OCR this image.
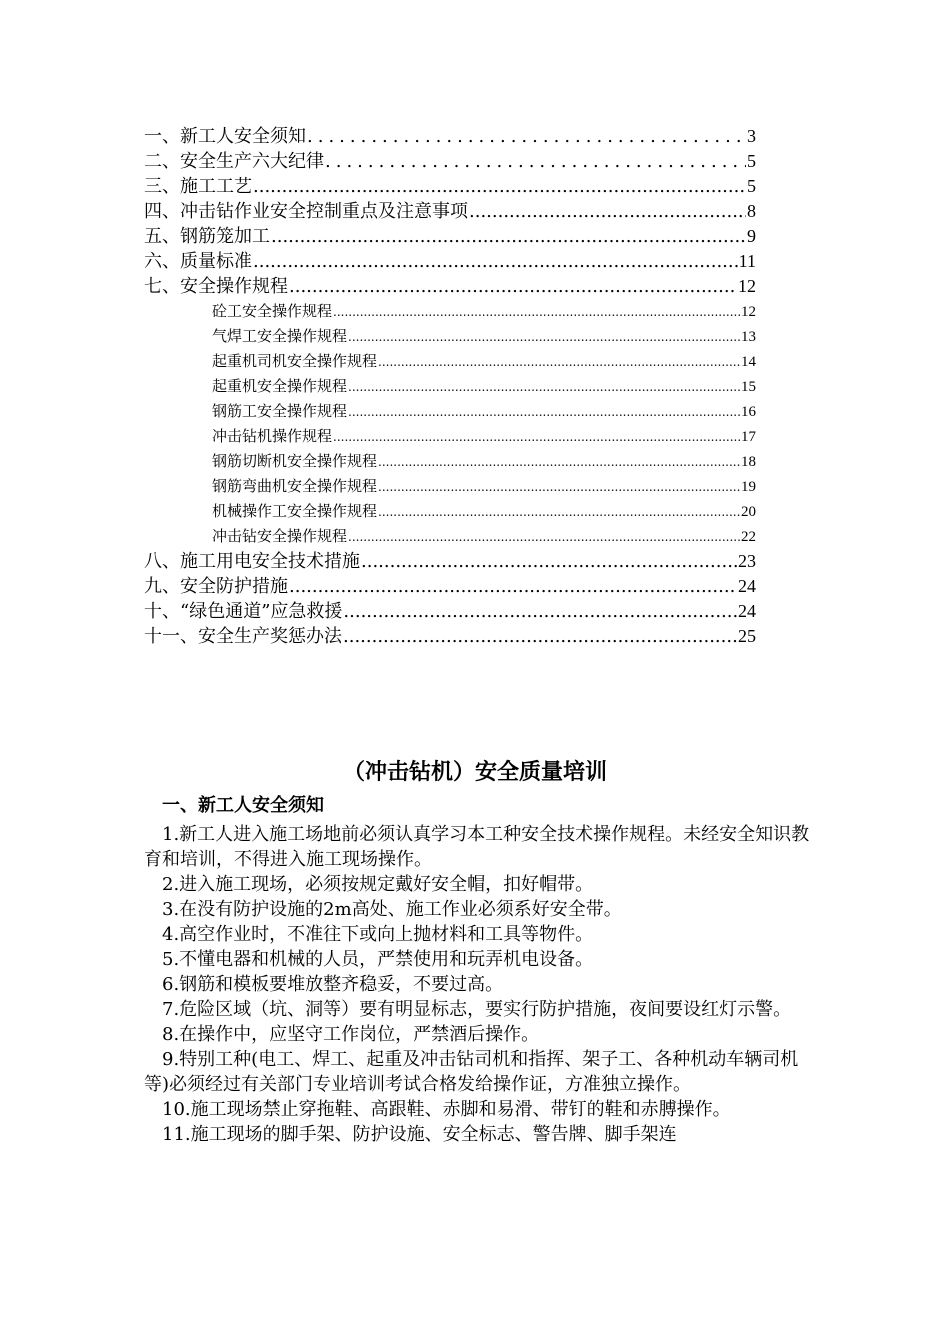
一、新工人安全须知 .....	3
二、安全生产六大纪律 .....	5
三、施工工艺 .....	5
四、冲击钻作业安全控制重点及注意事项 .....	8
五、钢筋笼加工 .....	9
六、质量标准 .....	11
七、安全操作规程 .....	12
砼工安全操作规程 .....	12
气焊工安全操作规程 .....	13
起重机司机安全操作规程 .....	14
起重机安全操作规程 .....	15
钢筋工安全操作规程 .....	16
冲击钻机操作规程 .....	17
钢筋切断机安全操作规程 .....	18
钢筋弯曲机安全操作规程 .....	19
机械操作工安全操作规程 .....	20
冲击钻安全操作规程 .....	22
八、施工用电安全技术措施 .....	23
九、安全防护措施 .....	24
十、“绿色通道”应急救援 .....	24
十一、安全生产奖惩办法 .....	25
（冲击钻机）安全质量培训
一、新工人安全须知

1.新工人进入施工场地前必须认真学习本工种安全技术操作规程。未经安全知识教育和培训，不得进入施工现场操作。

2.进入施工现场，必须按规定戴好安全帽，扣好帽带。

3.在没有防护设施的2m高处、施工作业必须系好安全带。

4.高空作业时，不准往下或向上抛材料和工具等物件。

5.不懂电器和机械的人员，严禁使用和玩弄机电设备。

6.钢筋和模板要堆放整齐稳妥，不要过高。

7.危险区域（坑、洞等）要有明显标志，要实行防护措施，夜间要设红灯示警。

8.在操作中，应坚守工作岗位，严禁酒后操作。

9.特别工种(电工、焊工、起重及冲击钻司机和指挥、架子工、各种机动车辆司机等)必须经过有关部门专业培训考试合格发给操作证，方准独立操作。

10.施工现场禁止穿拖鞋、高跟鞋、赤脚和易滑、带钉的鞋和赤膊操作。

11.施工现场的脚手架、防护设施、安全标志、警告牌、脚手架连
